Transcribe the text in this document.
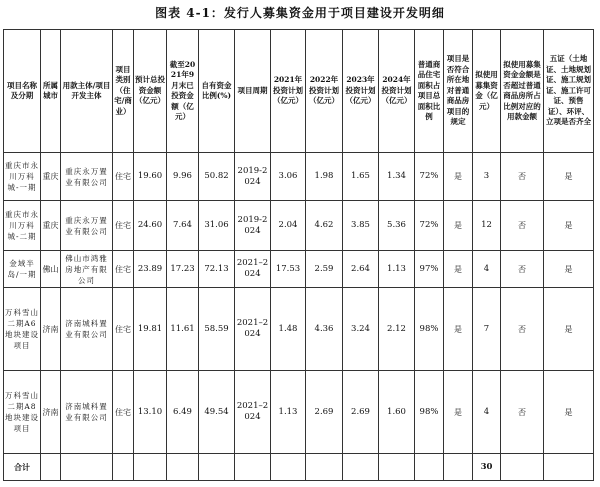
图表 4-1：发行人募集资金用于项目建设开发明细
项目名称及分期	所属城市	用款主体/项目开发主体	项目类别（住宅/商业）	预计总投资金额（亿元）	截至2021年9月末已投资金额（亿元）	自有资金比例(%)	项目周期	2021年投资计划（亿元）	2022年投资计划（亿元）	2023年投资计划（亿元）	2024年投资计划（亿元）	普通商品住宅面积占项目总面积比例	项目是否符合所在地对普通商品房项目的规定	拟使用募集资金（亿元）	拟使用募集资金金额是否超过普通商品房所占比例对应的用款金额	五证（土地证、土地规划证、施工规划证、施工许可证、预售证）、环评、立项是否齐全
重庆市永川万科城-一期	重庆	重庆永万置业有限公司	住宅	19.60	9.96	50.82	2019-2024	3.06	1.98	1.65	1.34	72%	是	3	否	是
重庆市永川万科城-二期	重庆	重庆永万置业有限公司	住宅	24.60	7.64	31.06	2019-2024	2.04	4.62	3.85	5.36	72%	是	12	否	是
金域半岛/一期	佛山	佛山市鸿雅房地产有限公司	住宅	23.89	17.23	72.13	2021–2024	17.53	2.59	2.64	1.13	97%	是	4	否	是
万科雪山二期A6地块建设项目	济南	济南城科置业有限公司	住宅	19.81	11.61	58.59	2021–2024	1.48	4.36	3.24	2.12	98%	是	7	否	是
万科雪山二期A8地块建设项目	济南	济南城科置业有限公司	住宅	13.10	6.49	49.54	2021–2024	1.13	2.69	2.69	1.60	98%	是	4	否	是
合计														30		
